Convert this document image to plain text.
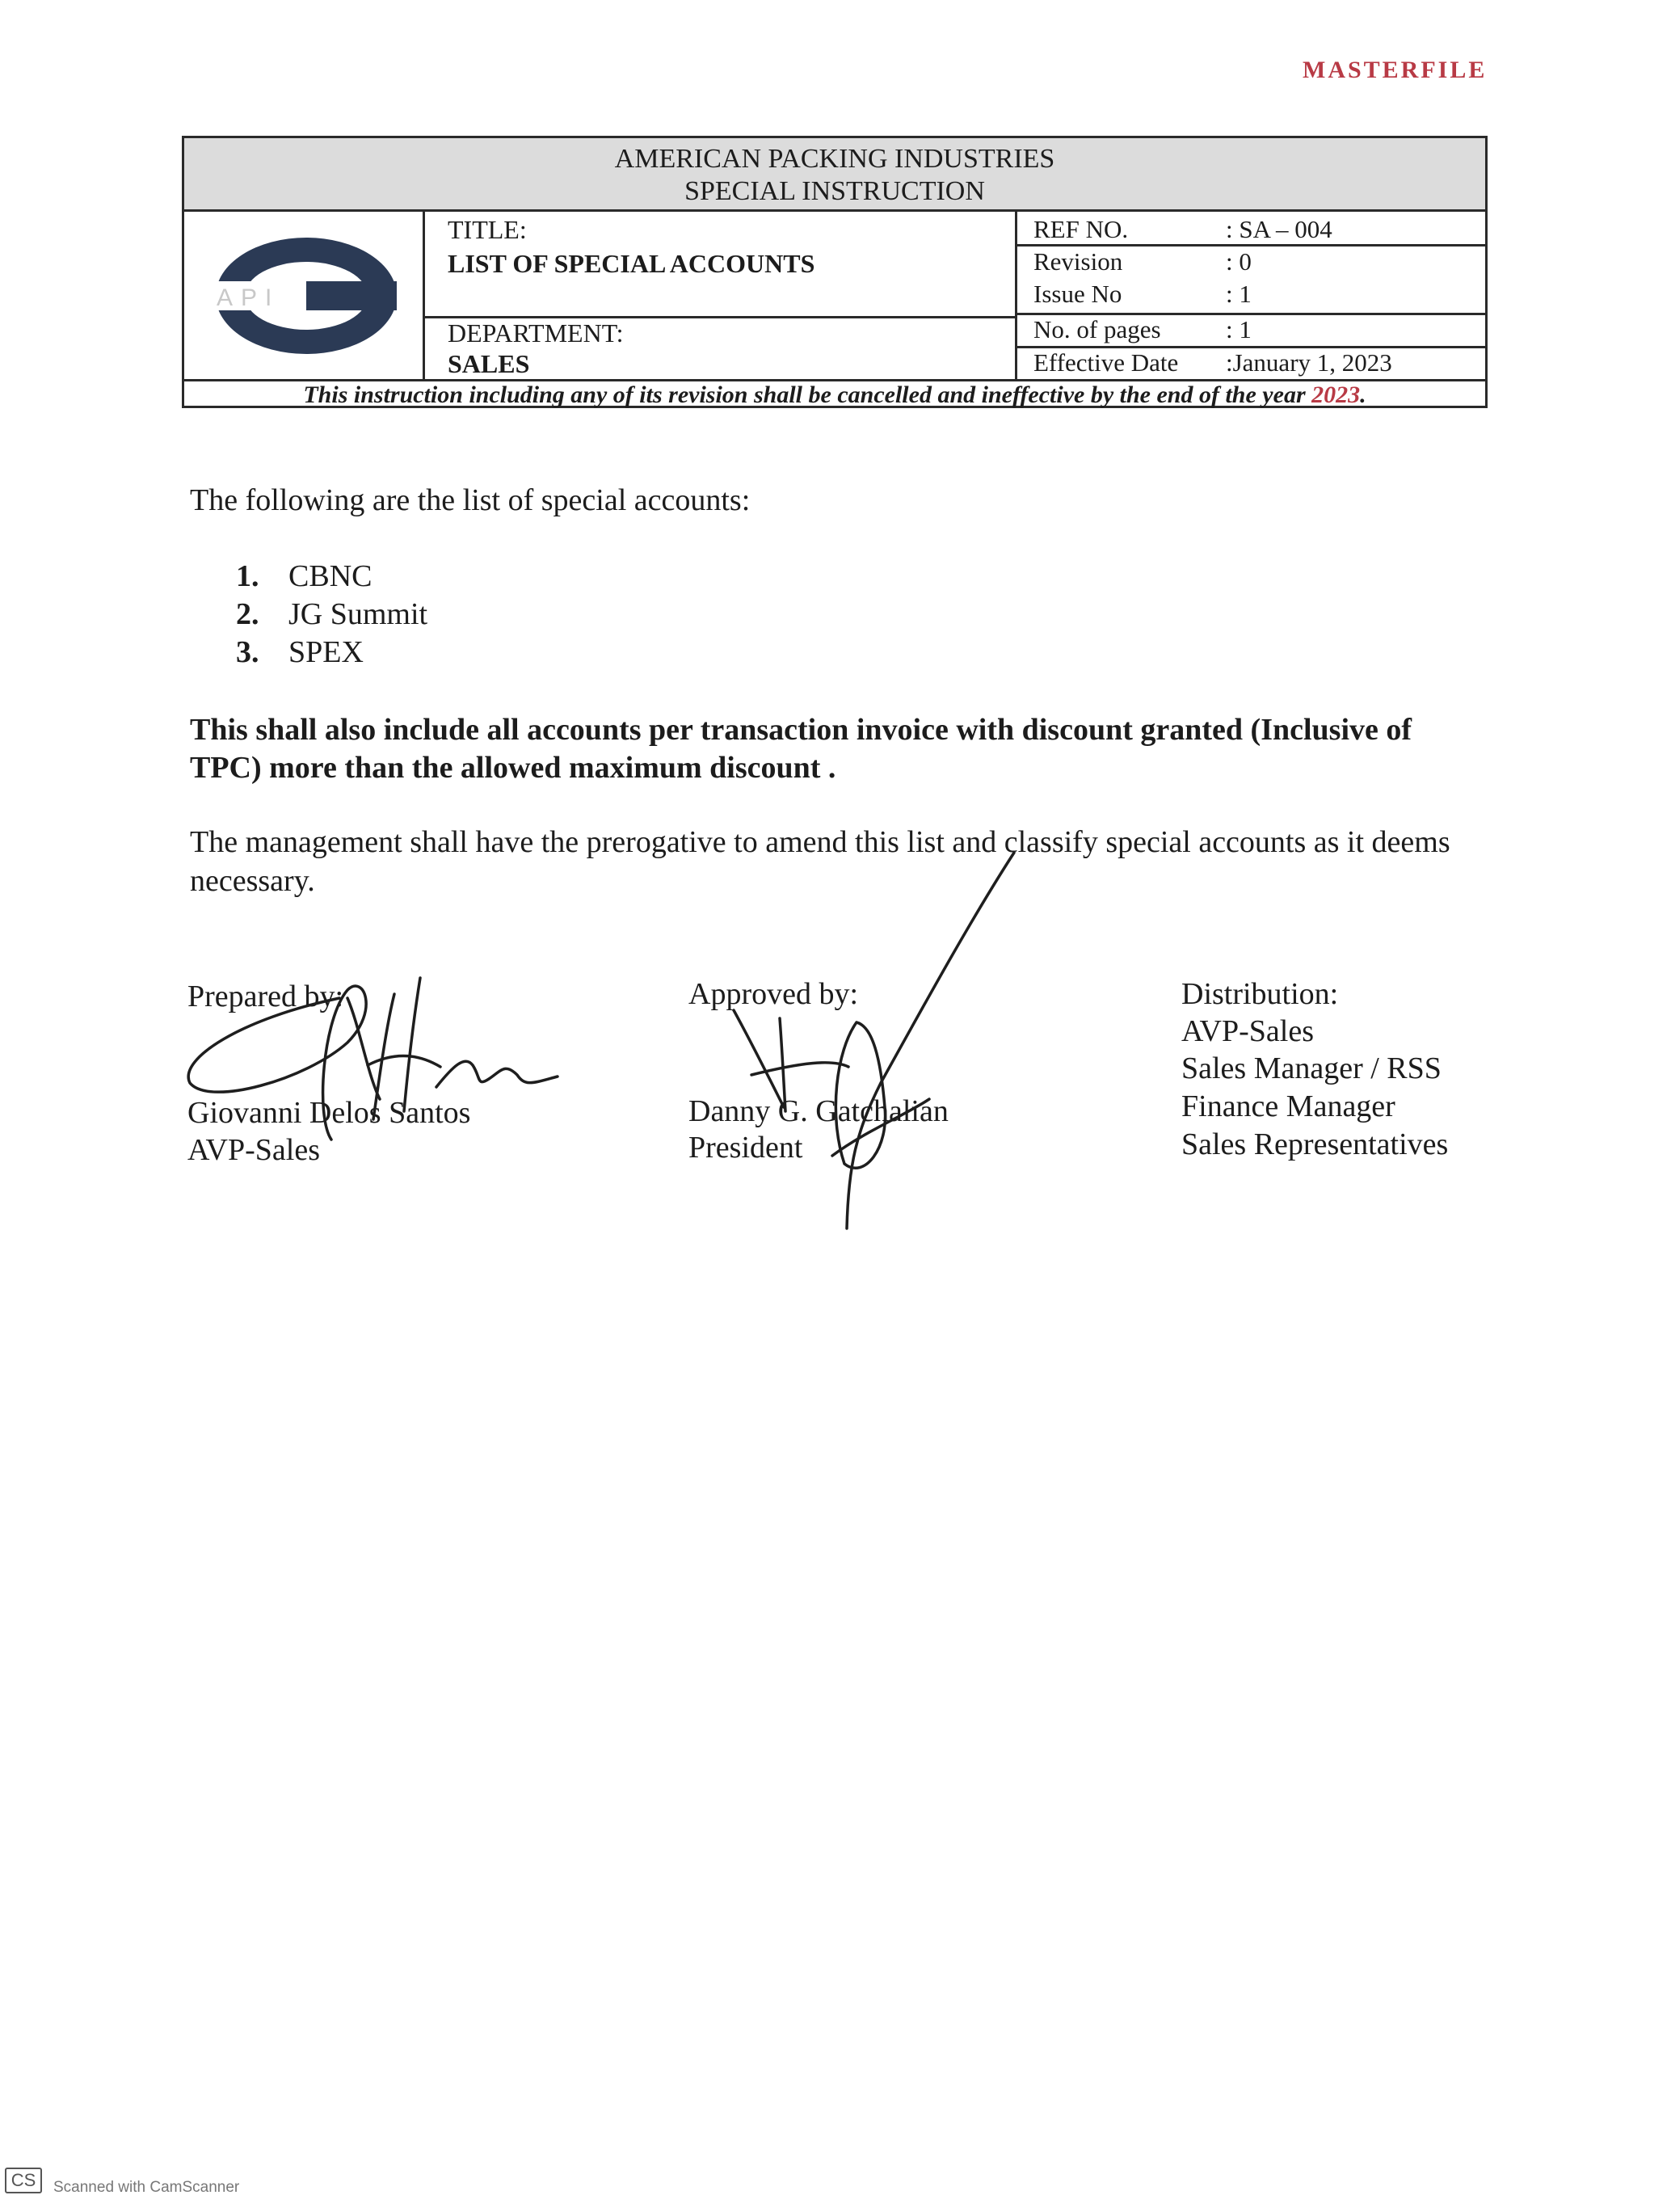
MASTERFILE
AMERICAN PACKING INDUSTRIES
SPECIAL INSTRUCTION
API
TITLE:
LIST OF SPECIAL ACCOUNTS
DEPARTMENT:
SALES
REF NO.	: SA – 004
Revision	: 0
Issue No	: 1
No. of pages	: 1
Effective Date :January 1, 2023
This instruction including any of its revision shall be cancelled and ineffective by the end of the year 2023.
The following are the list of special accounts:
1. CBNC
2. JG Summit
3. SPEX
This shall also include all accounts per transaction invoice with discount granted (Inclusive of TPC) more than the allowed maximum discount .
The management shall have the prerogative to amend this list and classify special accounts as it deems necessary.
Prepared by:
Giovanni Delos Santos
AVP-Sales
Approved by:
Danny G. Gatchalian
President
Distribution:
AVP-Sales
Sales Manager / RSS
Finance Manager
Sales Representatives
CS	Scanned with CamScanner
